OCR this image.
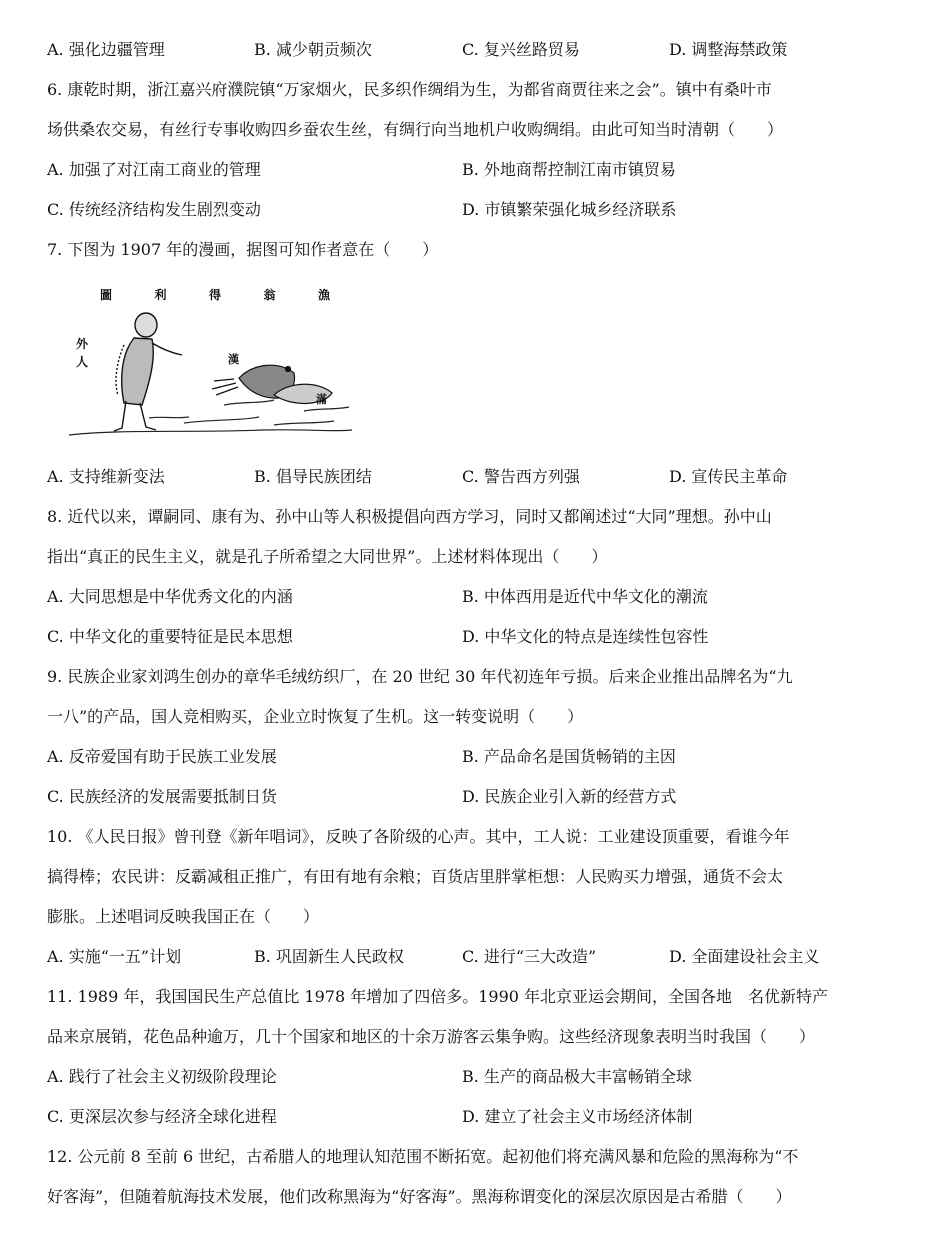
A. 强化边疆管理	B. 减少朝贡频次	C. 复兴丝路贸易	D. 调整海禁政策
6. 康乾时期，浙江嘉兴府濮院镇“万家烟火，民多织作绸绢为生，为都省商贾往来之会”。镇中有桑叶市
场供桑农交易，有丝行专事收购四乡蚕农生丝，有绸行向当地机户收购绸绢。由此可知当时清朝（　　）
A. 加强了对江南工商业的管理	B. 外地商帮控制江南市镇贸易
C. 传统经济结构发生剧烈变动	D. 市镇繁荣强化城乡经济联系
7. 下图为 1907 年的漫画，据图可知作者意在（　　）
圖	利	得	翁	漁
外
人	漢
滿
A. 支持维新变法	B. 倡导民族团结	C. 警告西方列强	D. 宣传民主革命
8. 近代以来，谭嗣同、康有为、孙中山等人积极提倡向西方学习，同时又都阐述过“大同”理想。孙中山
指出“真正的民生主义，就是孔子所希望之大同世界”。上述材料体现出（　　）
A. 大同思想是中华优秀文化的内涵	B. 中体西用是近代中华文化的潮流
C. 中华文化的重要特征是民本思想	D. 中华文化的特点是连续性包容性
9. 民族企业家刘鸿生创办的章华毛绒纺织厂，在 20 世纪 30 年代初连年亏损。后来企业推出品牌名为“九
一八”的产品，国人竞相购买，企业立时恢复了生机。这一转变说明（　　）
A. 反帝爱国有助于民族工业发展	B. 产品命名是国货畅销的主因
C. 民族经济的发展需要抵制日货	D. 民族企业引入新的经营方式
10. 《人民日报》曾刊登《新年唱词》，反映了各阶级的心声。其中，工人说：工业建设顶重要，看谁今年
搞得棒；农民讲：反霸减租正推广，有田有地有余粮；百货店里胖掌柜想：人民购买力增强，通货不会太
膨胀。上述唱词反映我国正在（　　）
A. 实施“一五”计划	B. 巩固新生人民政权	C. 进行“三大改造”	D. 全面建设社会主义
11. 1989 年，我国国民生产总值比 1978 年增加了四倍多。1990 年北京亚运会期间，全国各地　名优新特产
品来京展销，花色品种逾万，几十个国家和地区的十余万游客云集争购。这些经济现象表明当时我国（　　）
A. 践行了社会主义初级阶段理论	B. 生产的商品极大丰富畅销全球
C. 更深层次参与经济全球化进程	D. 建立了社会主义市场经济体制
12. 公元前 8 至前 6 世纪，古希腊人的地理认知范围不断拓宽。起初他们将充满风暴和危险的黑海称为“不
好客海”，但随着航海技术发展，他们改称黑海为“好客海”。黑海称谓变化的深层次原因是古希腊（　　）
